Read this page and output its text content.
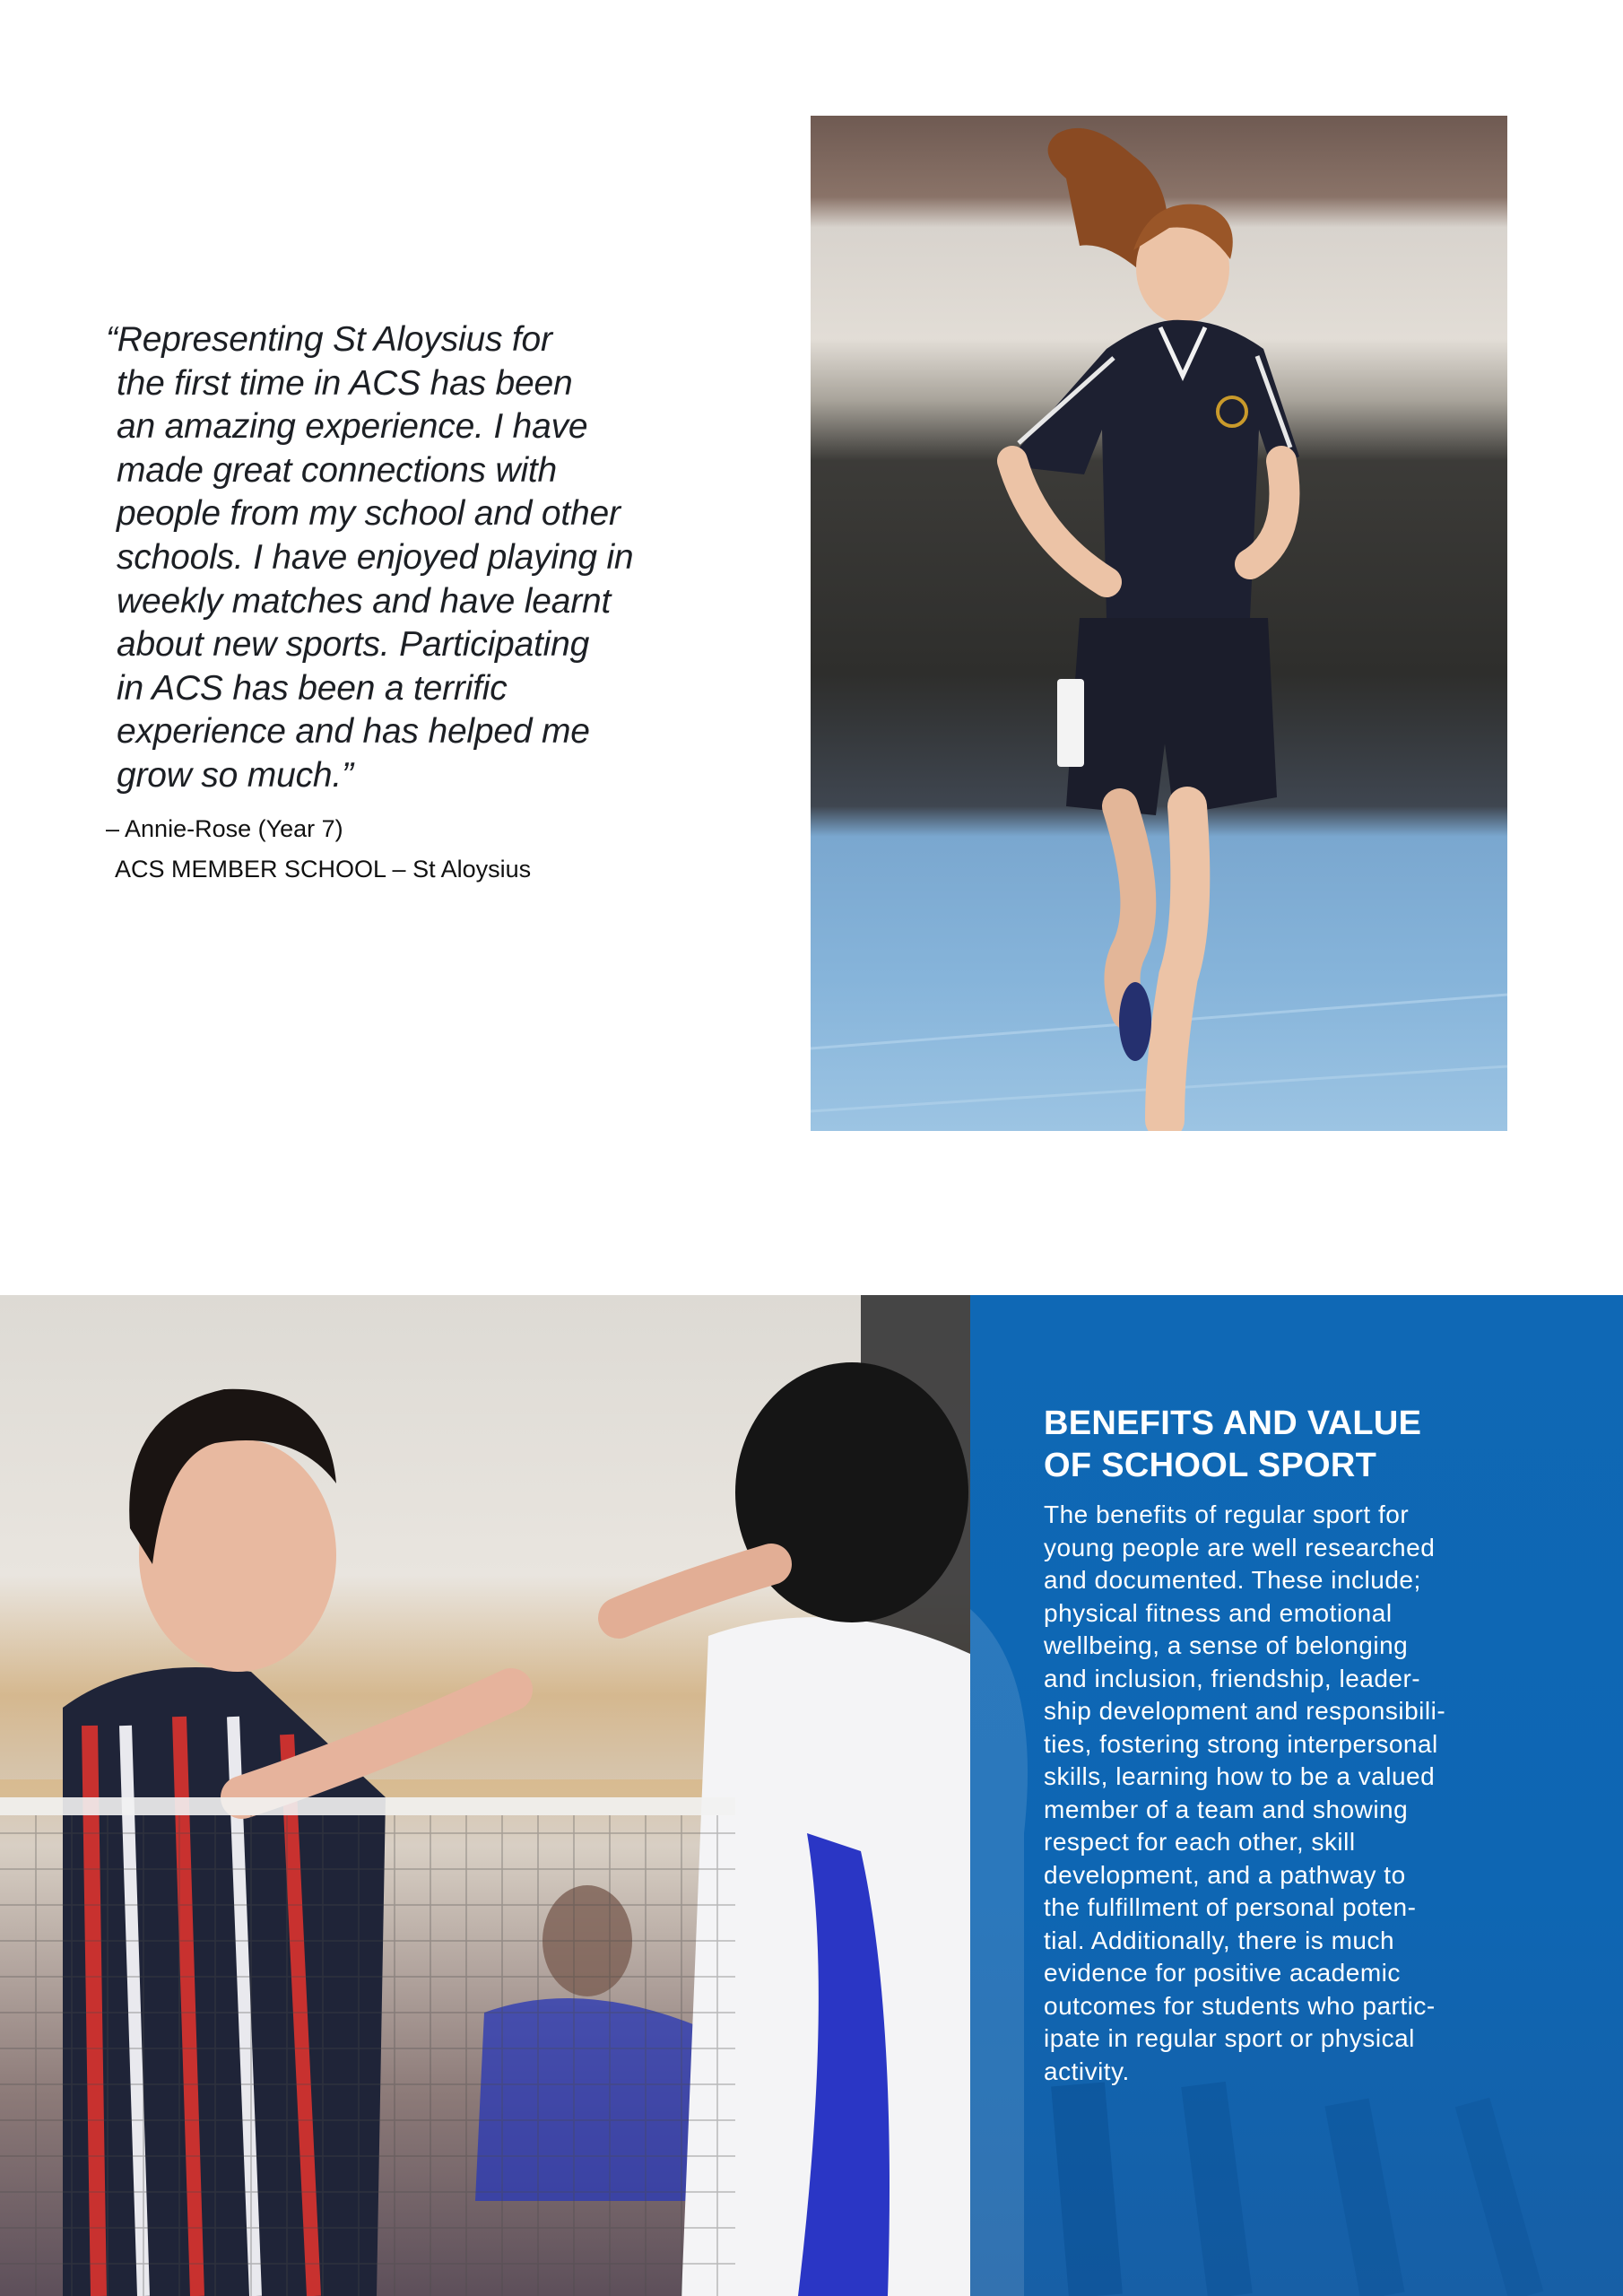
“Representing St Aloysius for
the first time in ACS has been
an amazing experience. I have
made great connections with
people from my school and other
schools. I have enjoyed playing in
weekly matches and have learnt
about new sports. Participating
in ACS has been a terrific
experience and has helped me
grow so much.”

– Annie-Rose (Year 7)
ACS MEMBER SCHOOL – St Aloysius
BENEFITS AND VALUE
OF SCHOOL SPORT

The benefits of regular sport for
young people are well researched
and documented. These include;
physical fitness and emotional
wellbeing, a sense of belonging
and inclusion, friendship, leader-
ship development and responsibili-
ties, fostering strong interpersonal
skills, learning how to be a valued
member of a team and showing
respect for each other, skill
development, and a pathway to
the fulfillment of personal poten-
tial. Additionally, there is much
evidence for positive academic
outcomes for students who partic-
ipate in regular sport or physical
activity.
